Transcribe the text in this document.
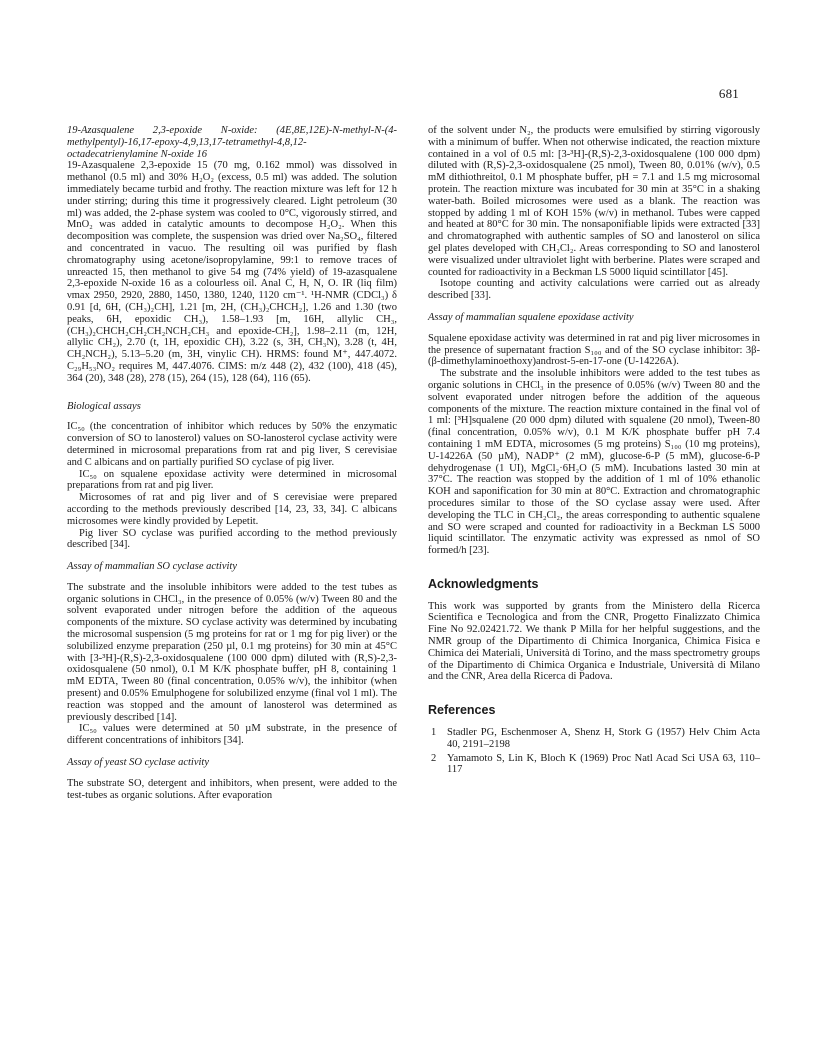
681

19-Azasqualene 2,3-epoxide N-oxide: (4E,8E,12E)-N-methyl-N-(4-methylpentyl)-16,17-epoxy-4,9,13,17-tetramethyl-4,8,12-octadecatrienylamine N-oxide 16

19-Azasqualene 2,3-epoxide 15 (70 mg, 0.162 mmol) was dissolved in methanol (0.5 ml) and 30% H₂O₂ (excess, 0.5 ml) was added. The solution immediately became turbid and frothy. The reaction mixture was left for 12 h under stirring; during this time it progressively cleared. Light petroleum (30 ml) was added, the 2-phase system was cooled to 0°C, vigorously stirred, and MnO₂ was added in catalytic amounts to decompose H₂O₂. When this decomposition was complete, the suspension was dried over Na₂SO₄, filtered and concentrated in vacuo. The resulting oil was purified by flash chromatography using acetone/isopropylamine, 99:1 to remove traces of unreacted 15, then methanol to give 54 mg (74% yield) of 19-azasqualene 2,3-epoxide N-oxide 16 as a colourless oil. Anal C, H, N, O. IR (liq film) νmax 2950, 2920, 2880, 1450, 1380, 1240, 1120 cm⁻¹. ¹H-NMR (CDCl₃) δ 0.91 [d, 6H, (CH₃)₂CH], 1.21 [m, 2H, (CH₃)₂CHCH₂], 1.26 and 1.30 (two peaks, 6H, epoxidic CH₃), 1.58–1.93 [m, 16H, allylic CH₃, (CH₃)₂CHCH₂CH₂CH₂NCH₂CH₃ and epoxide-CH₂], 1.98–2.11 (m, 12H, allylic CH₂), 2.70 (t, 1H, epoxidic CH), 3.22 (s, 3H, CH₃N), 3.28 (t, 4H, CH₂NCH₂), 5.13–5.20 (m, 3H, vinylic CH). HRMS: found M⁺, 447.4072. C₂₉H₅₃NO₂ requires M, 447.4076. CIMS: m/z 448 (2), 432 (100), 418 (45), 364 (20), 348 (28), 278 (15), 264 (15), 128 (64), 116 (65).

Biological assays

IC₅₀ (the concentration of inhibitor which reduces by 50% the enzymatic conversion of SO to lanosterol) values on SO-lanosterol cyclase activity were determined in microsomal preparations from rat and pig liver, S cerevisiae and C albicans and on partially purified SO cyclase of pig liver.

IC₅₀ on squalene epoxidase activity were determined in microsomal preparations from rat and pig liver.

Microsomes of rat and pig liver and of S cerevisiae were prepared according to the methods previously described [14, 23, 33, 34]. C albicans microsomes were kindly provided by Lepetit.

Pig liver SO cyclase was purified according to the method previously described [34].

Assay of mammalian SO cyclase activity

The substrate and the insoluble inhibitors were added to the test tubes as organic solutions in CHCl₃, in the presence of 0.05% (w/v) Tween 80 and the solvent evaporated under nitrogen before the addition of the aqueous components of the mixture. SO cyclase activity was determined by incubating the microsomal suspension (5 mg proteins for rat or 1 mg for pig liver) or the solubilized enzyme preparation (250 µl, 0.1 mg proteins) for 30 min at 45°C with [3-³H]-(R,S)-2,3-oxidosqualene (100 000 dpm) diluted with (R,S)-2,3-oxidosqualene (50 nmol), 0.1 M K/K phosphate buffer, pH 8, containing 1 mM EDTA, Tween 80 (final concentration, 0.05% w/v), the inhibitor (when present) and 0.05% Emulphogene for solubilized enzyme (final vol 1 ml). The reaction was stopped and the amount of lanosterol was determined as previously described [14].

IC₅₀ values were determined at 50 µM substrate, in the presence of different concentrations of inhibitors [34].

Assay of yeast SO cyclase activity

The substrate SO, detergent and inhibitors, when present, were added to the test-tubes as organic solutions. After evaporation

of the solvent under N₂, the products were emulsified by stirring vigorously with a minimum of buffer. When not otherwise indicated, the reaction mixture contained in a vol of 0.5 ml: [3-³H]-(R,S)-2,3-oxidosqualene (100 000 dpm) diluted with (R,S)-2,3-oxidosqualene (25 nmol), Tween 80, 0.01% (w/v), 0.5 mM dithiothreitol, 0.1 M phosphate buffer, pH = 7.1 and 1.5 mg microsomal protein. The reaction mixture was incubated for 30 min at 35°C in a shaking water-bath. Boiled microsomes were used as a blank. The reaction was stopped by adding 1 ml of KOH 15% (w/v) in methanol. Tubes were capped and heated at 80°C for 30 min. The nonsaponifiable lipids were extracted [33] and chromatographed with authentic samples of SO and lanosterol on silica gel plates developed with CH₂Cl₂. Areas corresponding to SO and lanosterol were visualized under ultraviolet light with berberine. Plates were scraped and counted for radioactivity in a Beckman LS 5000 liquid scintillator [45].

Isotope counting and activity calculations were carried out as already described [33].

Assay of mammalian squalene epoxidase activity

Squalene epoxidase activity was determined in rat and pig liver microsomes in the presence of supernatant fraction S₁₀₀ and of the SO cyclase inhibitor: 3β-(β-dimethylaminoethoxy)androst-5-en-17-one (U-14226A).

The substrate and the insoluble inhibitors were added to the test tubes as organic solutions in CHCl₃ in the presence of 0.05% (w/v) Tween 80 and the solvent evaporated under nitrogen before the addition of the aqueous components of the mixture. The reaction mixture contained in the final vol of 1 ml: [³H]squalene (20 000 dpm) diluted with squalene (20 nmol), Tween-80 (final concentration, 0.05% w/v), 0.1 M K/K phosphate buffer pH 7.4 containing 1 mM EDTA, microsomes (5 mg proteins) S₁₀₀ (10 mg proteins), U-14226A (50 µM), NADP⁺ (2 mM), glucose-6-P (5 mM), glucose-6-P dehydrogenase (1 UI), MgCl₂·6H₂O (5 mM). Incubations lasted 30 min at 37°C. The reaction was stopped by the addition of 1 ml of 10% ethanolic KOH and saponification for 30 min at 80°C. Extraction and chromatographic procedures similar to those of the SO cyclase assay were used. After developing the TLC in CH₂Cl₂, the areas corresponding to authentic squalene and SO were scraped and counted for radioactivity in a Beckman LS 5000 liquid scintillator. The enzymatic activity was expressed as nmol of SO formed/h [23].

Acknowledgments

This work was supported by grants from the Ministero della Ricerca Scientifica e Tecnologica and from the CNR, Progetto Finalizzato Chimica Fine No 92.02421.72. We thank P Milla for her helpful suggestions, and the NMR group of the Dipartimento di Chimica Inorganica, Chimica Fisica e Chimica dei Materiali, Università di Torino, and the mass spectrometry groups of the Dipartimento di Chimica Organica e Industriale, Università di Milano and the CNR, Area della Ricerca di Padova.

References
1	Stadler PG, Eschenmoser A, Shenz H, Stork G (1957) Helv Chim Acta 40, 2191–2198
2	Yamamoto S, Lin K, Bloch K (1969) Proc Natl Acad Sci USA 63, 110–117
